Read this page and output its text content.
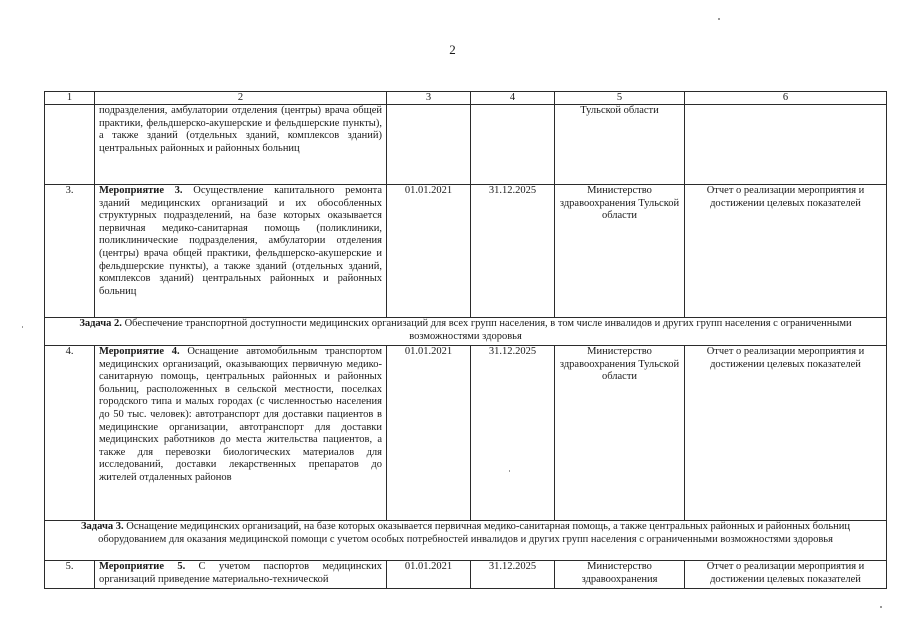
2
1	2	3	4	5	6
	подразделения, амбулатории отделения (центры) врача общей практики, фельдшерско-акушерские и фельдшерские пункты), а также зданий (отдельных зданий, комплексов зданий) центральных районных и районных больниц			Тульской области	
3.	Мероприятие 3. Осуществление капитального ремонта зданий медицинских организаций и их обособленных структурных подразделений, на базе которых оказывается первичная медико-санитарная помощь (поликлиники, поликлинические подразделения, амбулатории отделения (центры) врача общей практики, фельдшерско-акушерские и фельдшерские пункты), а также зданий (отдельных зданий, комплексов зданий) центральных районных и районных больниц	01.01.2021	31.12.2025	Министерство здравоохранения Тульской области	Отчет о реализации мероприятия и достижении целевых показателей
Задача 2. Обеспечение транспортной доступности медицинских организаций для всех групп населения, в том числе инвалидов и других групп населения с ограниченными возможностями здоровья					
4.	Мероприятие 4. Оснащение автомобильным транспортом медицинских организаций, оказывающих первичную медико-санитарную помощь, центральных районных и районных больниц, расположенных в сельской местности, поселках городского типа и малых городах (с численностью населения до 50 тыс. человек): автотранспорт для доставки пациентов в медицинские организации, автотранспорт для доставки медицинских работников до места жительства пациентов, а также для перевозки биологических материалов для исследований, доставки лекарственных препаратов до жителей отдаленных районов	01.01.2021	31.12.2025	Министерство здравоохранения Тульской области	Отчет о реализации мероприятия и достижении целевых показателей
Задача 3. Оснащение медицинских организаций, на базе которых оказывается первичная медико-санитарная помощь, а также центральных районных и районных больниц оборудованием для оказания медицинской помощи с учетом особых потребностей инвалидов и других групп населения с ограниченными возможностями здоровья					
5.	Мероприятие 5. С учетом паспортов медицинских организаций приведение материально-технической	01.01.2021	31.12.2025	Министерство здравоохранения	Отчет о реализации мероприятия и достижении целевых показателей
